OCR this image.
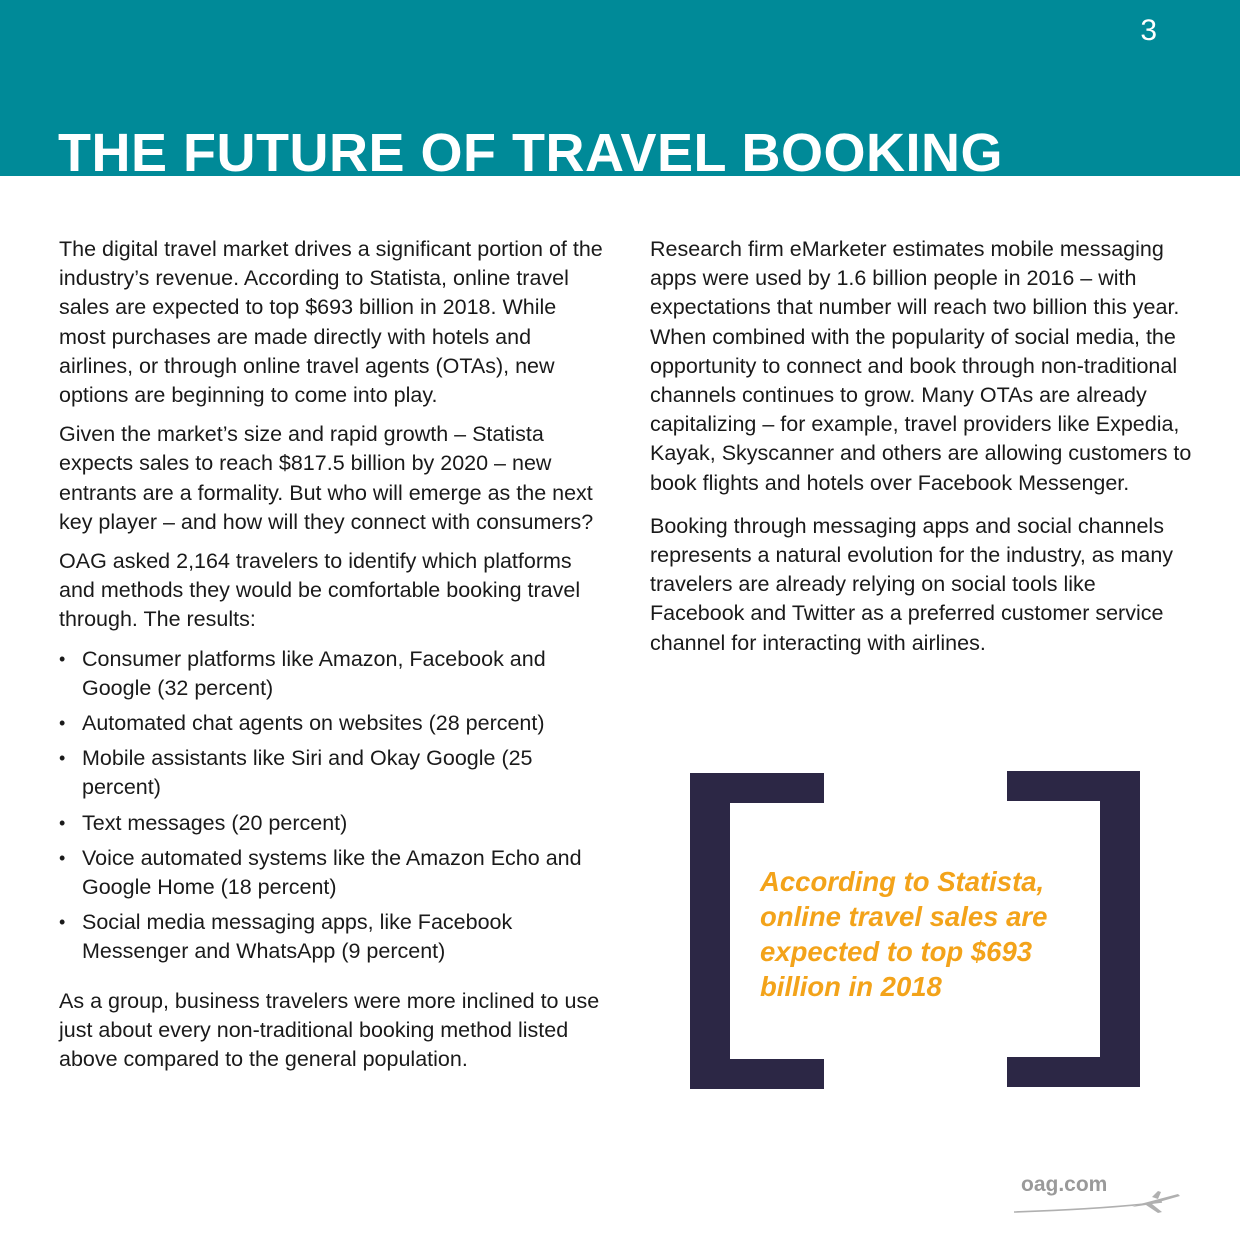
3
THE FUTURE OF TRAVEL BOOKING

The digital travel market drives a significant portion of the industry’s revenue. According to Statista, online travel sales are expected to top $693 billion in 2018. While most purchases are made directly with hotels and airlines, or through online travel agents (OTAs), new options are beginning to come into play.

Given the market’s size and rapid growth – Statista expects sales to reach $817.5 billion by 2020 – new entrants are a formality. But who will emerge as the next key player – and how will they connect with consumers?

OAG asked 2,164 travelers to identify which platforms and methods they would be comfortable booking travel through. The results:

• Consumer platforms like Amazon, Facebook and Google (32 percent)
• Automated chat agents on websites (28 percent)
• Mobile assistants like Siri and Okay Google (25 percent)
• Text messages (20 percent)
• Voice automated systems like the Amazon Echo and Google Home (18 percent)
• Social media messaging apps, like Facebook Messenger and WhatsApp (9 percent)

As a group, business travelers were more inclined to use just about every non-traditional booking method listed above compared to the general population.

Research firm eMarketer estimates mobile messaging apps were used by 1.6 billion people in 2016 – with expectations that number will reach two billion this year. When combined with the popularity of social media, the opportunity to connect and book through non-traditional channels continues to grow. Many OTAs are already capitalizing – for example, travel providers like Expedia, Kayak, Skyscanner and others are allowing customers to book flights and hotels over Facebook Messenger.

Booking through messaging apps and social channels represents a natural evolution for the industry, as many travelers are already relying on social tools like Facebook and Twitter as a preferred customer service channel for interacting with airlines.

According to Statista, online travel sales are expected to top $693 billion in 2018
oag.com
